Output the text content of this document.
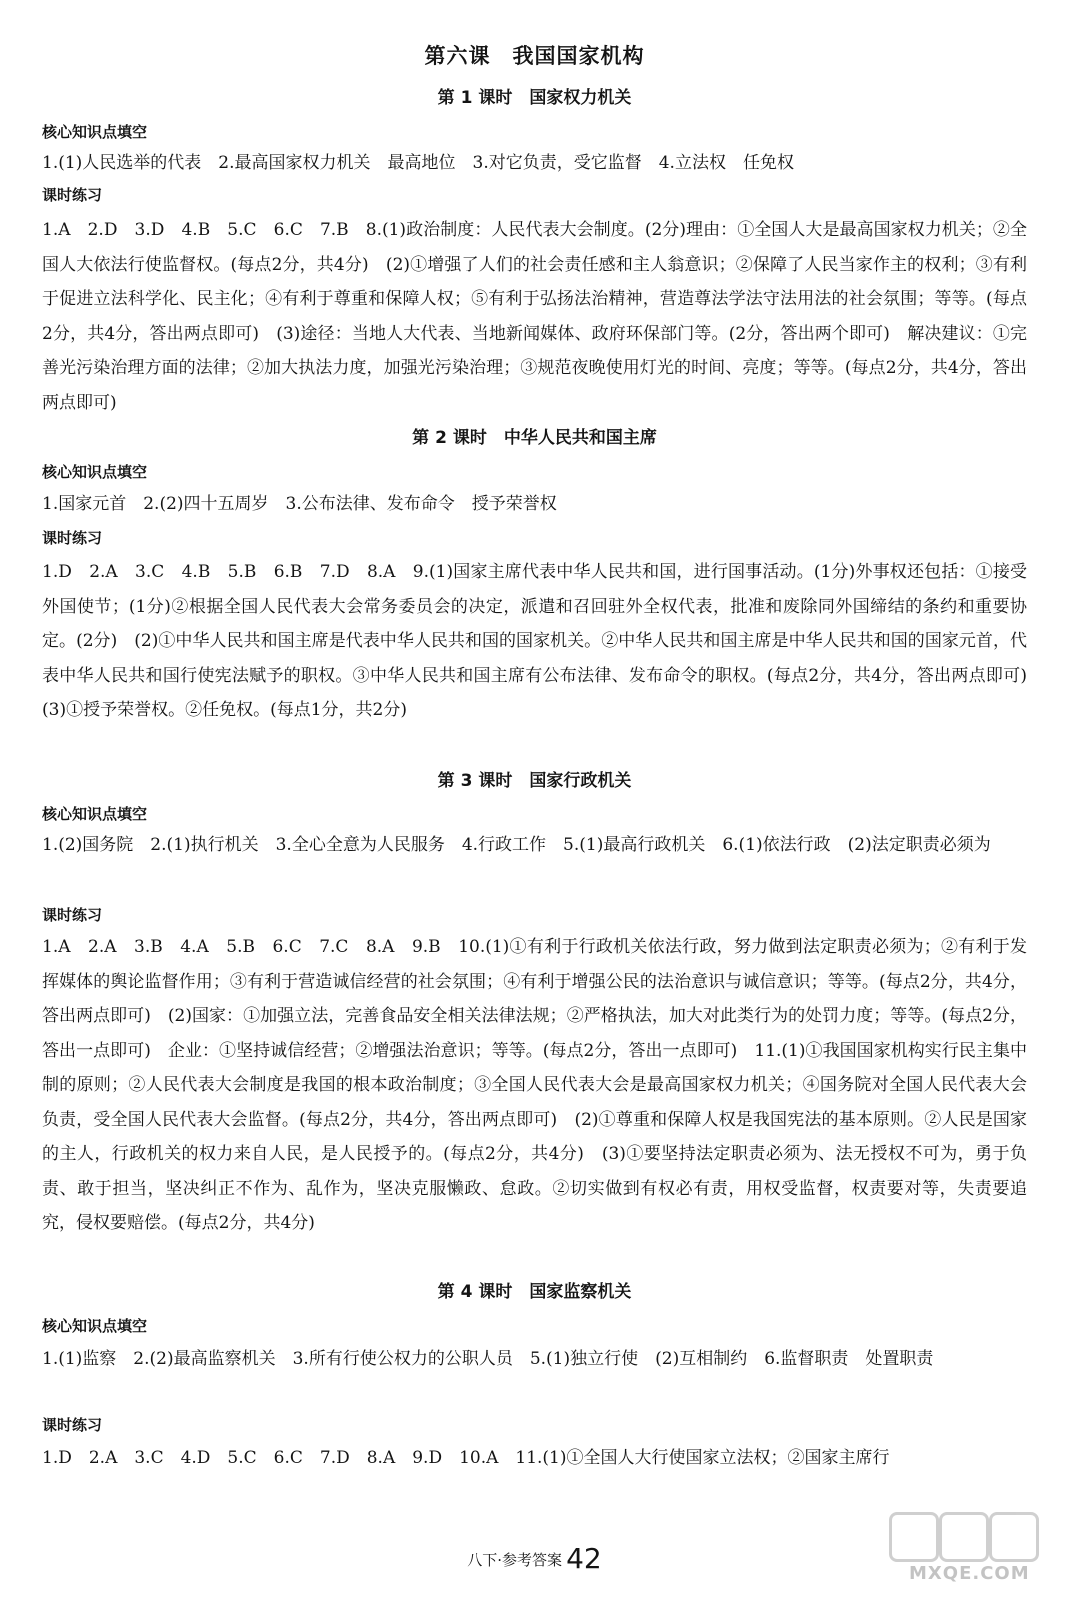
第六课　我国国家机构
第 1 课时　国家权力机关
核心知识点填空
1.(1)人民选举的代表　2.最高国家权力机关　最高地位　3.对它负责，受它监督　4.立法权　任免权
课时练习
1.A　2.D　3.D　4.B　5.C　6.C　7.B　8.(1)政治制度：人民代表大会制度。(2分)理由：①全国人大是最高国家权力机关；②全国人大依法行使监督权。(每点2分，共4分)　(2)①增强了人们的社会责任感和主人翁意识；②保障了人民当家作主的权利；③有利于促进立法科学化、民主化；④有利于尊重和保障人权；⑤有利于弘扬法治精神，营造尊法学法守法用法的社会氛围；等等。(每点2分，共4分，答出两点即可)　(3)途径：当地人大代表、当地新闻媒体、政府环保部门等。(2分，答出两个即可)　解决建议：①完善光污染治理方面的法律；②加大执法力度，加强光污染治理；③规范夜晚使用灯光的时间、亮度；等等。(每点2分，共4分，答出两点即可)
第 2 课时　中华人民共和国主席
核心知识点填空
1.国家元首　2.(2)四十五周岁　3.公布法律、发布命令　授予荣誉权
课时练习
1.D　2.A　3.C　4.B　5.B　6.B　7.D　8.A　9.(1)国家主席代表中华人民共和国，进行国事活动。(1分)外事权还包括：①接受外国使节；(1分)②根据全国人民代表大会常务委员会的决定，派遣和召回驻外全权代表，批准和废除同外国缔结的条约和重要协定。(2分)　(2)①中华人民共和国主席是代表中华人民共和国的国家机关。②中华人民共和国主席是中华人民共和国的国家元首，代表中华人民共和国行使宪法赋予的职权。③中华人民共和国主席有公布法律、发布命令的职权。(每点2分，共4分，答出两点即可)　(3)①授予荣誉权。②任免权。(每点1分，共2分)
第 3 课时　国家行政机关
核心知识点填空
1.(2)国务院　2.(1)执行机关　3.全心全意为人民服务　4.行政工作　5.(1)最高行政机关　6.(1)依法行政　(2)法定职责必须为
课时练习
1.A　2.A　3.B　4.A　5.B　6.C　7.C　8.A　9.B　10.(1)①有利于行政机关依法行政，努力做到法定职责必须为；②有利于发挥媒体的舆论监督作用；③有利于营造诚信经营的社会氛围；④有利于增强公民的法治意识与诚信意识；等等。(每点2分，共4分，答出两点即可)　(2)国家：①加强立法，完善食品安全相关法律法规；②严格执法，加大对此类行为的处罚力度；等等。(每点2分，答出一点即可)　企业：①坚持诚信经营；②增强法治意识；等等。(每点2分，答出一点即可)　11.(1)①我国国家机构实行民主集中制的原则；②人民代表大会制度是我国的根本政治制度；③全国人民代表大会是最高国家权力机关；④国务院对全国人民代表大会负责，受全国人民代表大会监督。(每点2分，共4分，答出两点即可)　(2)①尊重和保障人权是我国宪法的基本原则。②人民是国家的主人，行政机关的权力来自人民，是人民授予的。(每点2分，共4分)　(3)①要坚持法定职责必须为、法无授权不可为，勇于负责、敢于担当，坚决纠正不作为、乱作为，坚决克服懒政、怠政。②切实做到有权必有责，用权受监督，权责要对等，失责要追究，侵权要赔偿。(每点2分，共4分)
第 4 课时　国家监察机关
核心知识点填空
1.(1)监察　2.(2)最高监察机关　3.所有行使公权力的公职人员　5.(1)独立行使　(2)互相制约　6.监督职责　处置职责
课时练习
1.D　2.A　3.C　4.D　5.C　6.C　7.D　8.A　9.D　10.A　11.(1)①全国人大行使国家立法权；②国家主席行
八下·参考答案 42	MXQE.COM
